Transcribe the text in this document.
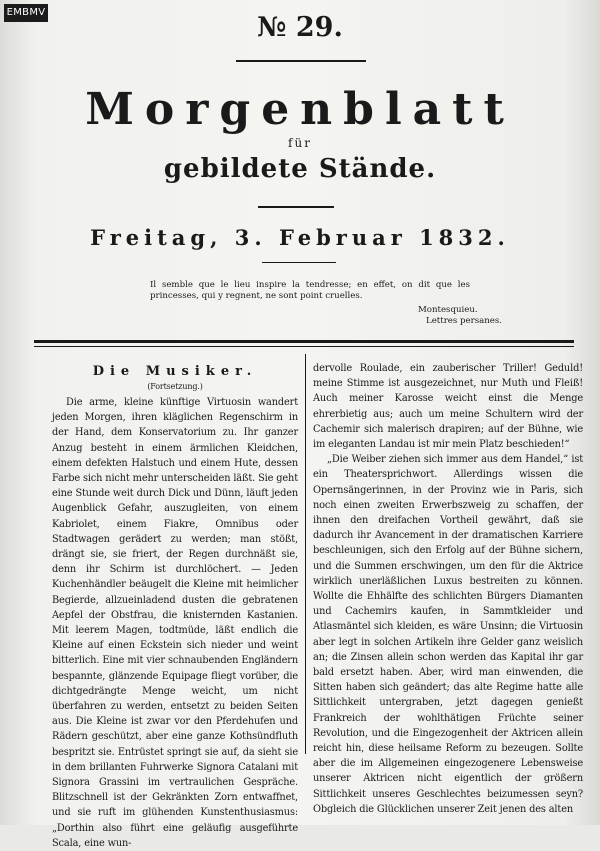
EMBMV	№ 29.
Morgenblatt
für
gebildete Stände.
Freitag, 3. Februar 1832.
Il semble que le lieu inspire la tendresse; en effet, on dit que les princesses, qui y regnent, ne sont point cruelles.
Montesquieu.
Lettres persanes.
Die Musiker.
(Fortsetzung.)

Die arme, kleine künftige Virtuosin wandert jeden Morgen, ihren kläglichen Regenschirm in der Hand, dem Konservatorium zu. Ihr ganzer Anzug besteht in einem ärmlichen Kleidchen, einem defekten Halstuch und einem Hute, dessen Farbe sich nicht mehr unterscheiden läßt. Sie geht eine Stunde weit durch Dick und Dünn, läuft jeden Augenblick Gefahr, auszugleiten, von einem Kabriolet, einem Fiakre, Omnibus oder Stadtwagen gerädert zu werden; man stößt, drängt sie, sie friert, der Regen durchnäßt sie, denn ihr Schirm ist durchlöchert. — Jeden Kuchenhändler beäugelt die Kleine mit heimlicher Begierde, allzueinladend dusten die gebratenen Aepfel der Obstfrau, die knisternden Kastanien. Mit leerem Magen, todtmüde, läßt endlich die Kleine auf einen Eckstein sich nieder und weint bitterlich. Eine mit vier schnaubenden Engländern bespannte, glänzende Equipage fliegt vorüber, die dichtgedrängte Menge weicht, um nicht überfahren zu werden, entsetzt zu beiden Seiten aus. Die Kleine ist zwar vor den Pferdehufen und Rädern geschützt, aber eine ganze Kothsündfluth bespritzt sie. Entrüstet springt sie auf, da sieht sie in dem brillanten Fuhrwerke Signora Catalani mit Signora Grassini im vertraulichen Gespräche. Blitzschnell ist der Gekränkten Zorn entwaffnet, und sie ruft im glühenden Kunstenthusiasmus: „Dorthin also führt eine geläufig ausgeführte Scala, eine wun-

dervolle Roulade, ein zauberischer Triller! Geduld! meine Stimme ist ausgezeichnet, nur Muth und Fleiß! Auch meiner Karosse weicht einst die Menge ehrerbietig aus; auch um meine Schultern wird der Cachemir sich malerisch drapiren; auf der Bühne, wie im eleganten Landau ist mir mein Platz beschieden!“

„Die Weiber ziehen sich immer aus dem Handel,“ ist ein Theatersprichwort. Allerdings wissen die Opernsängerinnen, in der Provinz wie in Paris, sich noch einen zweiten Erwerbszweig zu schaffen, der ihnen den dreifachen Vortheil gewährt, daß sie dadurch ihr Avancement in der dramatischen Karriere beschleunigen, sich den Erfolg auf der Bühne sichern, und die Summen erschwingen, um den für die Aktrice wirklich unerläßlichen Luxus bestreiten zu können. Wollte die Ehhälfte des schlichten Bürgers Diamanten und Cachemirs kaufen, in Sammtkleider und Atlasmäntel sich kleiden, es wäre Unsinn; die Virtuosin aber legt in solchen Artikeln ihre Gelder ganz weislich an; die Zinsen allein schon werden das Kapital ihr gar bald ersetzt haben. Aber, wird man einwenden, die Sitten haben sich geändert; das alte Regime hatte alle Sittlichkeit untergraben, jetzt dagegen genießt Frankreich der wohlthätigen Früchte seiner Revolution, und die Eingezogenheit der Aktricen allein reicht hin, diese heilsame Reform zu bezeugen. Sollte aber die im Allgemeinen eingezogenere Lebensweise unserer Aktricen nicht eigentlich der größern Sittlichkeit unseres Geschlechtes beizumessen seyn? Obgleich die Glücklichen unserer Zeit jenen des alten
